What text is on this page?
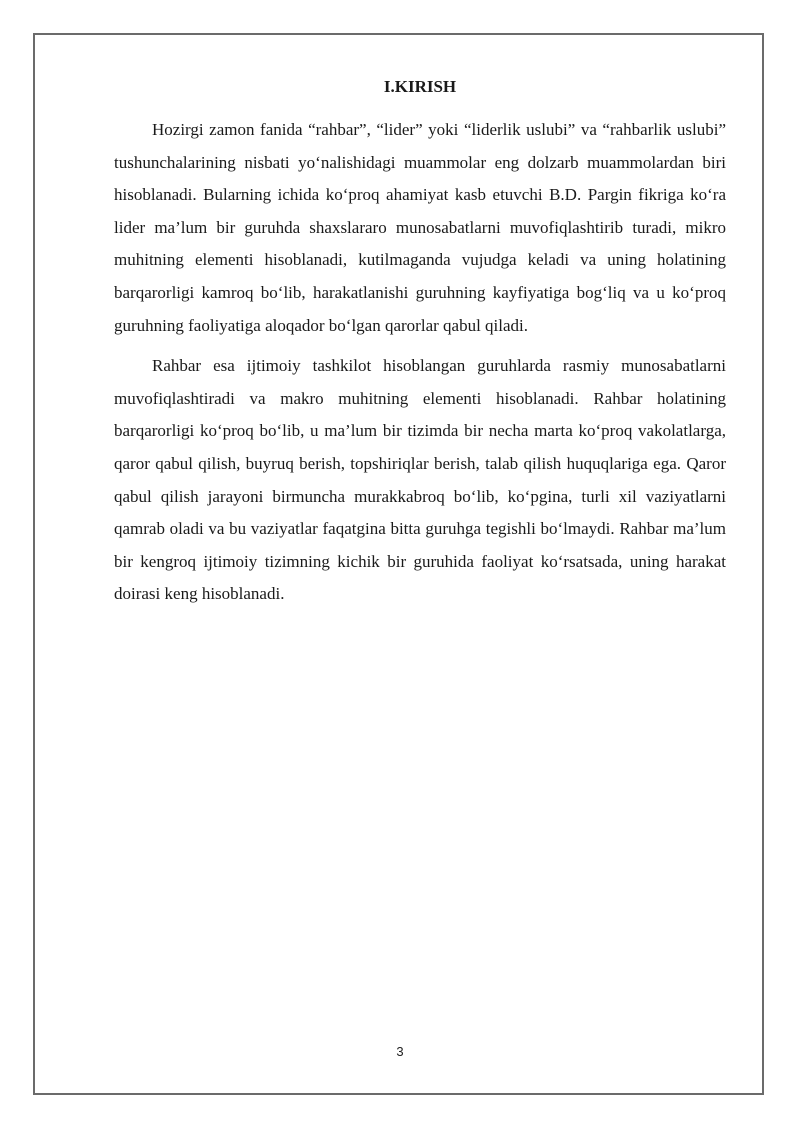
I.KIRISH

Hozirgi zamon fanida “rahbar”, “lider” yoki “liderlik uslubi” va “rahbarlik uslubi” tushunchalarining nisbati yo‘nalishidagi muammolar eng dolzarb muammolardan biri hisoblanadi. Bularning ichida ko‘proq ahamiyat kasb etuvchi B.D. Pargin fikriga ko‘ra lider ma’lum bir guruhda shaxslararo munosabatlarni muvofiqlashtirib turadi, mikro muhitning elementi hisoblanadi, kutilmaganda vujudga keladi va uning holatining barqarorligi kamroq bo‘lib, harakatlanishi guruhning kayfiyatiga bog‘liq va u ko‘proq guruhning faoliyatiga aloqador bo‘lgan qarorlar qabul qiladi.

Rahbar esa ijtimoiy tashkilot hisoblangan guruhlarda rasmiy munosabatlarni muvofiqlashtiradi va makro muhitning elementi hisoblanadi. Rahbar holatining barqarorligi ko‘proq bo‘lib, u ma’lum bir tizimda bir necha marta ko‘proq vakolatlarga, qaror qabul qilish, buyruq berish, topshiriqlar berish, talab qilish huquqlariga ega. Qaror qabul qilish jarayoni birmuncha murakkabroq bo‘lib, ko‘pgina, turli xil vaziyatlarni qamrab oladi va bu vaziyatlar faqatgina bitta guruhga tegishli bo‘lmaydi. Rahbar ma’lum bir kengroq ijtimoiy tizimning kichik bir guruhida faoliyat ko‘rsatsada, uning harakat doirasi keng hisoblanadi.

3
